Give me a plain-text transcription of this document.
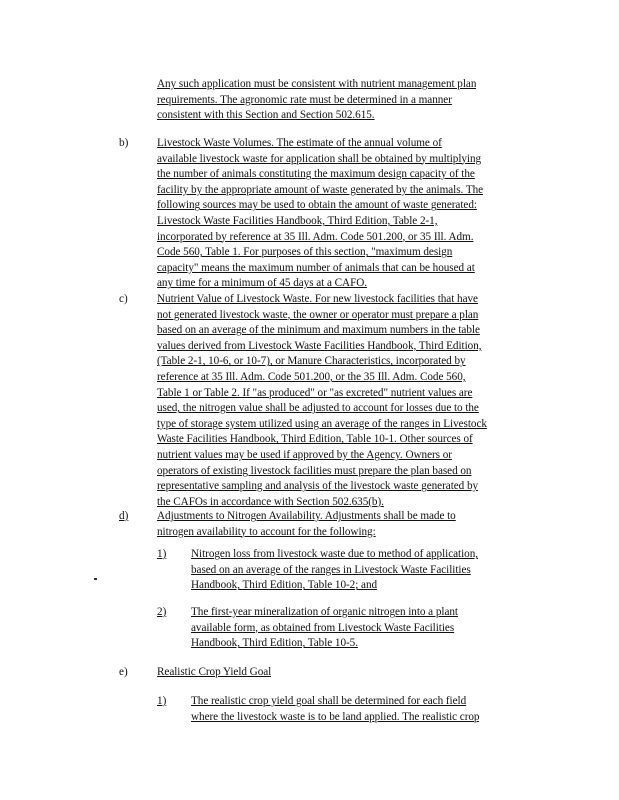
Any such application must be consistent with nutrient management plan
requirements. The agronomic rate must be determined in a manner
consistent with this Section and Section 502.615.
b)	Livestock Waste Volumes. The estimate of the annual volume of
available livestock waste for application shall be obtained by multiplying
the number of animals constituting the maximum design capacity of the
facility by the appropriate amount of waste generated by the animals. The
following sources may be used to obtain the amount of waste generated:
Livestock Waste Facilities Handbook, Third Edition, Table 2-1,
incorporated by reference at 35 Ill. Adm. Code 501.200, or 35 Ill. Adm.
Code 560, Table 1. For purposes of this section, "maximum design
capacity" means the maximum number of animals that can be housed at
any time for a minimum of 45 days at a CAFO.
c)	Nutrient Value of Livestock Waste. For new livestock facilities that have
not generated livestock waste, the owner or operator must prepare a plan
based on an average of the minimum and maximum numbers in the table
values derived from Livestock Waste Facilities Handbook, Third Edition,
(Table 2-1, 10-6, or 10-7), or Manure Characteristics, incorporated by
reference at 35 Ill. Adm. Code 501.200, or the 35 Ill. Adm. Code 560,
Table 1 or Table 2. If "as produced" or "as excreted" nutrient values are
used, the nitrogen value shall be adjusted to account for losses due to the
type of storage system utilized using an average of the ranges in Livestock
Waste Facilities Handbook, Third Edition, Table 10-1. Other sources of
nutrient values may be used if approved by the Agency. Owners or
operators of existing livestock facilities must prepare the plan based on
representative sampling and analysis of the livestock waste generated by
the CAFOs in accordance with Section 502.635(b).
d)	Adjustments to Nitrogen Availability. Adjustments shall be made to
nitrogen availability to account for the following:
1) Nitrogen loss from livestock waste due to method of application,
based on an average of the ranges in Livestock Waste Facilities
Handbook, Third Edition, Table 10-2; and
2) The first-year mineralization of organic nitrogen into a plant
available form, as obtained from Livestock Waste Facilities
Handbook, Third Edition, Table 10-5.
e)	Realistic Crop Yield Goal
1) The realistic crop yield goal shall be determined for each field
where the livestock waste is to be land applied. The realistic crop
